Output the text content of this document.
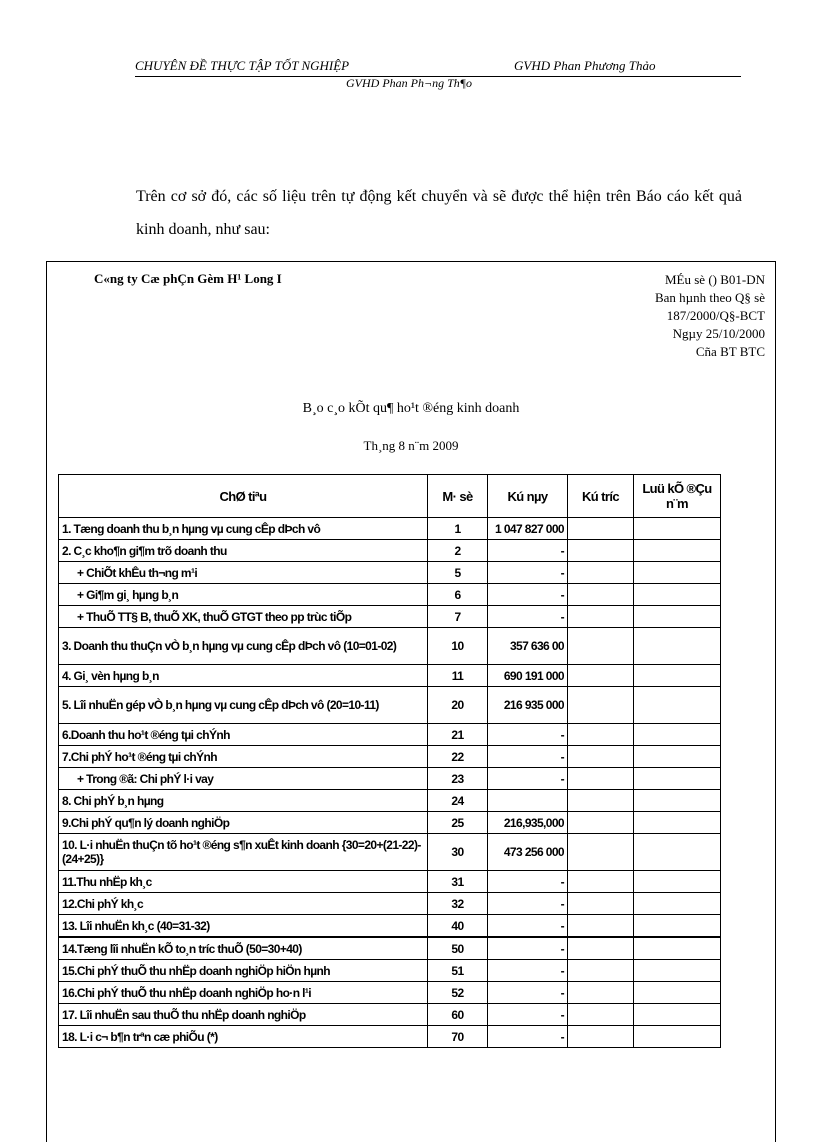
CHUYÊN ĐỀ THỰC TẬP TỐT NGHIỆP	GVHD Phan Phương Thảo
GVHD Phan Ph¬ng Th¶o

Trên cơ sở đó, các số liệu trên tự động kết chuyển và sẽ được thể hiện trên Báo cáo kết quả kinh doanh, như sau:

C«ng ty Cæ phÇn Gèm H¹ Long I	MÉu sè () B01-DN
Ban hµnh theo Q§ sè
187/2000/Q§-BCT
Ngµy 25/10/2000
Cña BT BTC
B¸o c¸o kÕt qu¶ ho¹t ®éng kinh doanh
Th¸ng 8 n¨m 2009
ChØ tiªu	M· sè	Kú nµy	Kú tríc	Luü kÕ ®Çu n¨m
1. Tæng doanh thu b¸n hµng vµ cung cÊp dÞch vô	1	1 047 827 000		
2. C¸c kho¶n gi¶m trõ doanh thu	2	-		
+ ChiÕt khÊu th¬ng m¹i	5	-		
+ Gi¶m gi¸ hµng b¸n	6	-		
+ ThuÕ TT§ B, thuÕ XK, thuÕ GTGT theo pp trùc tiÕp	7	-		
3. Doanh thu thuÇn vÒ b¸n hµng vµ cung cÊp dÞch vô (10=01-02)	10	357 636 00		
4. Gi¸ vèn hµng b¸n	11	690 191 000		
5. Lîi nhuËn gép vÒ b¸n hµng vµ cung cÊp dÞch vô (20=10-11)	20	216 935 000		
6.Doanh thu ho¹t ®éng tµi chÝnh	21	-		
7.Chi phÝ ho¹t ®éng tµi chÝnh	22	-		
+ Trong ®ã: Chi phÝ l·i vay	23	-		
8. Chi phÝ b¸n hµng	24			
9.Chi phÝ qu¶n lý doanh nghiÖp	25	216,935,000		
10. L·i nhuËn thuÇn tõ ho¹t ®éng s¶n xuÊt kinh doanh {30=20+(21-22)-(24+25)}	30	473 256 000		
11.Thu nhËp kh¸c	31	-		
12.Chi phÝ kh¸c	32	-		
13. Lîi nhuËn kh¸c (40=31-32)	40	-		
14.Tæng lîi nhuËn kÕ to¸n tríc thuÕ (50=30+40)	50	-		
15.Chi phÝ thuÕ thu nhËp doanh nghiÖp hiÖn hµnh	51	-		
16.Chi phÝ thuÕ thu nhËp doanh nghiÖp ho·n l¹i	52	-		
17. Lîi nhuËn sau thuÕ thu nhËp doanh nghiÖp	60	-		
18. L·i c¬ b¶n trªn cæ phiÕu (*)	70	-		
